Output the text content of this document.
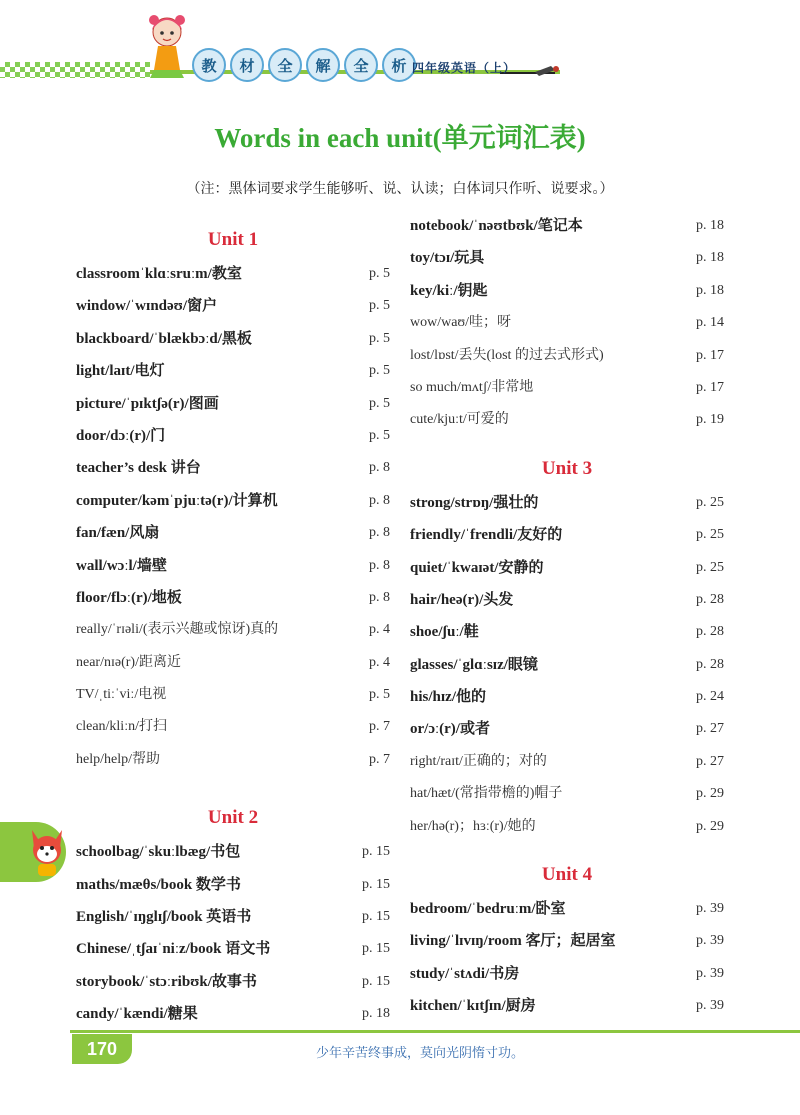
教	材	全	解	全	析 四年级英语（上）
Words in each unit(单元词汇表)
（注：黑体词要求学生能够听、说、认读；白体词只作听、说要求。）
Unit 1
classroomˈklɑːsruːm/教室	p. 5
window/ˈwɪndəʊ/窗户	p. 5
blackboard/ˈblækbɔːd/黑板	p. 5
light/laɪt/电灯	p. 5
picture/ˈpɪktʃə(r)/图画	p. 5
door/dɔː(r)/门	p. 5
teacher’s desk 讲台	p. 8
computer/kəmˈpjuːtə(r)/计算机	p. 8
fan/fæn/风扇	p. 8
wall/wɔːl/墙壁	p. 8
floor/flɔː(r)/地板	p. 8
really/ˈrɪəli/(表示兴趣或惊讶)真的	p. 4
near/nɪə(r)/距离近	p. 4
TV/ˌtiːˈviː/电视	p. 5
clean/kliːn/打扫	p. 7
help/help/帮助	p. 7
Unit 2
schoolbag/ˈskuːlbæg/书包	p. 15
maths/mæθs/book 数学书	p. 15
English/ˈɪŋglɪʃ/book 英语书	p. 15
Chinese/ˌtʃaɪˈniːz/book 语文书	p. 15
storybook/ˈstɔːribʊk/故事书	p. 15
candy/ˈkændi/糖果	p. 18
notebook/ˈnəʊtbʊk/笔记本	p. 18
toy/tɔɪ/玩具	p. 18
key/kiː/钥匙	p. 18
wow/waʊ/哇；呀	p. 14
lost/lɒst/丢失(lost 的过去式形式)	p. 17
so much/mʌtʃ/非常地	p. 17
cute/kjuːt/可爱的	p. 19
Unit 3
strong/strɒŋ/强壮的	p. 25
friendly/ˈfrendli/友好的	p. 25
quiet/ˈkwaɪət/安静的	p. 25
hair/heə(r)/头发	p. 28
shoe/ʃuː/鞋	p. 28
glasses/ˈglɑːsɪz/眼镜	p. 28
his/hɪz/他的	p. 24
or/ɔː(r)/或者	p. 27
right/raɪt/正确的；对的	p. 27
hat/hæt/(常指带檐的)帽子	p. 29
her/hə(r)；hɜː(r)/她的	p. 29
Unit 4
bedroom/ˈbedruːm/卧室	p. 39
living/ˈlɪvɪŋ/room 客厅；起居室	p. 39
study/ˈstʌdi/书房	p. 39
kitchen/ˈkɪtʃɪn/厨房	p. 39
170	少年辛苦终事成，莫向光阴惰寸功。
